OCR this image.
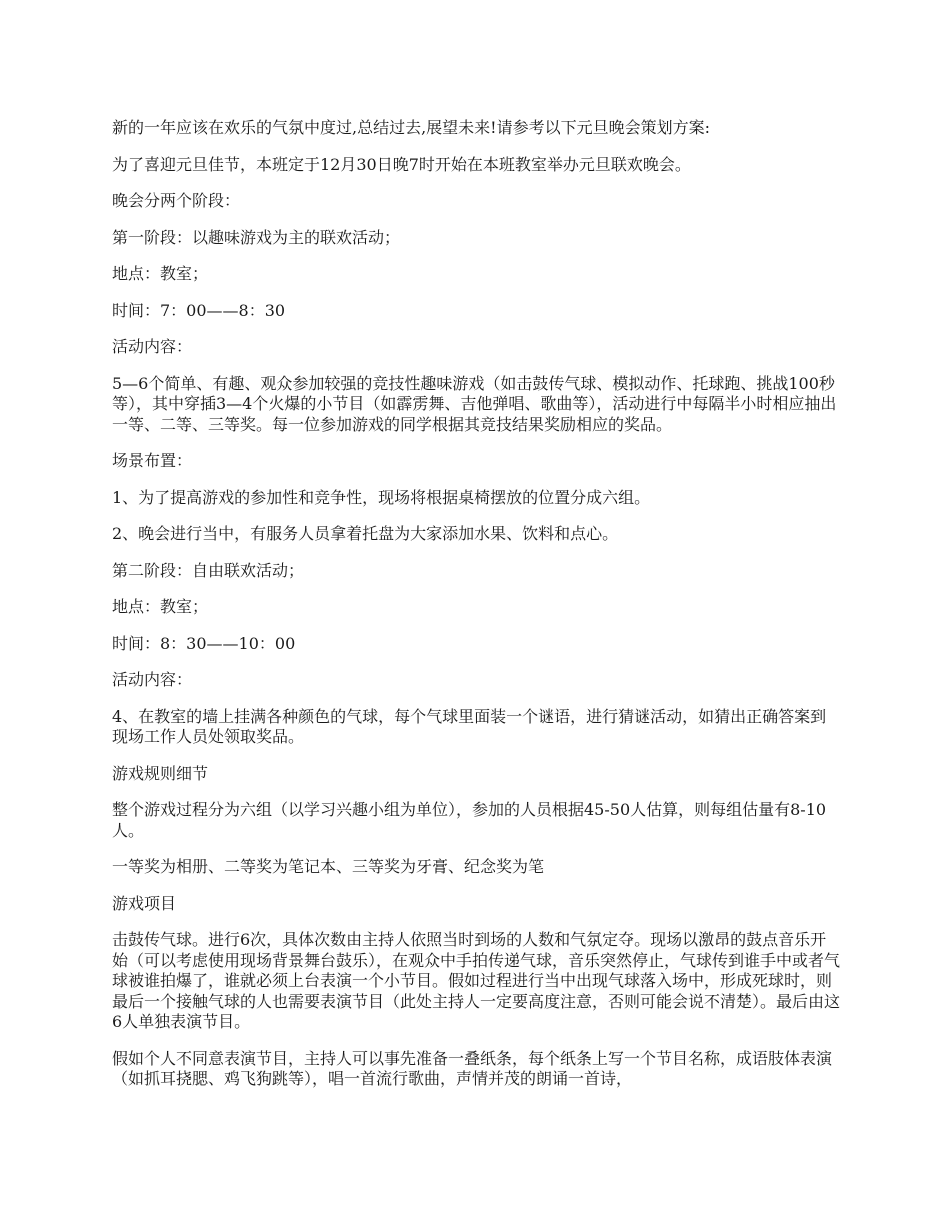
新的一年应该在欢乐的气氛中度过,总结过去,展望未来!请参考以下元旦晚会策划方案:

为了喜迎元旦佳节，本班定于12月30日晚7时开始在本班教室举办元旦联欢晚会。

晚会分两个阶段：

第一阶段：以趣味游戏为主的联欢活动；

地点：教室；

时间：7：00——8：30

活动内容：

5—6个简单、有趣、观众参加较强的竞技性趣味游戏（如击鼓传气球、模拟动作、托球跑、挑战100秒等），其中穿插3—4个火爆的小节目（如霹雳舞、吉他弹唱、歌曲等），活动进行中每隔半小时相应抽出一等、二等、三等奖。每一位参加游戏的同学根据其竞技结果奖励相应的奖品。

场景布置：

1、为了提高游戏的参加性和竞争性，现场将根据桌椅摆放的位置分成六组。

2、晚会进行当中，有服务人员拿着托盘为大家添加水果、饮料和点心。

第二阶段：自由联欢活动；

地点：教室；

时间：8：30——10：00

活动内容：

4、在教室的墙上挂满各种颜色的气球，每个气球里面装一个谜语，进行猜谜活动，如猜出正确答案到现场工作人员处领取奖品。

游戏规则细节

整个游戏过程分为六组（以学习兴趣小组为单位），参加的人员根据45-50人估算，则每组估量有8-10人。

一等奖为相册、二等奖为笔记本、三等奖为牙膏、纪念奖为笔

游戏项目

击鼓传气球。进行6次，具体次数由主持人依照当时到场的人数和气氛定夺。现场以激昂的鼓点音乐开始（可以考虑使用现场背景舞台鼓乐），在观众中手拍传递气球，音乐突然停止，气球传到谁手中或者气球被谁拍爆了，谁就必须上台表演一个小节目。假如过程进行当中出现气球落入场中，形成死球时，则最后一个接触气球的人也需要表演节目（此处主持人一定要高度注意，否则可能会说不清楚）。最后由这6人单独表演节目。

假如个人不同意表演节目，主持人可以事先准备一叠纸条，每个纸条上写一个节目名称，成语肢体表演（如抓耳挠腮、鸡飞狗跳等），唱一首流行歌曲，声情并茂的朗诵一首诗，
